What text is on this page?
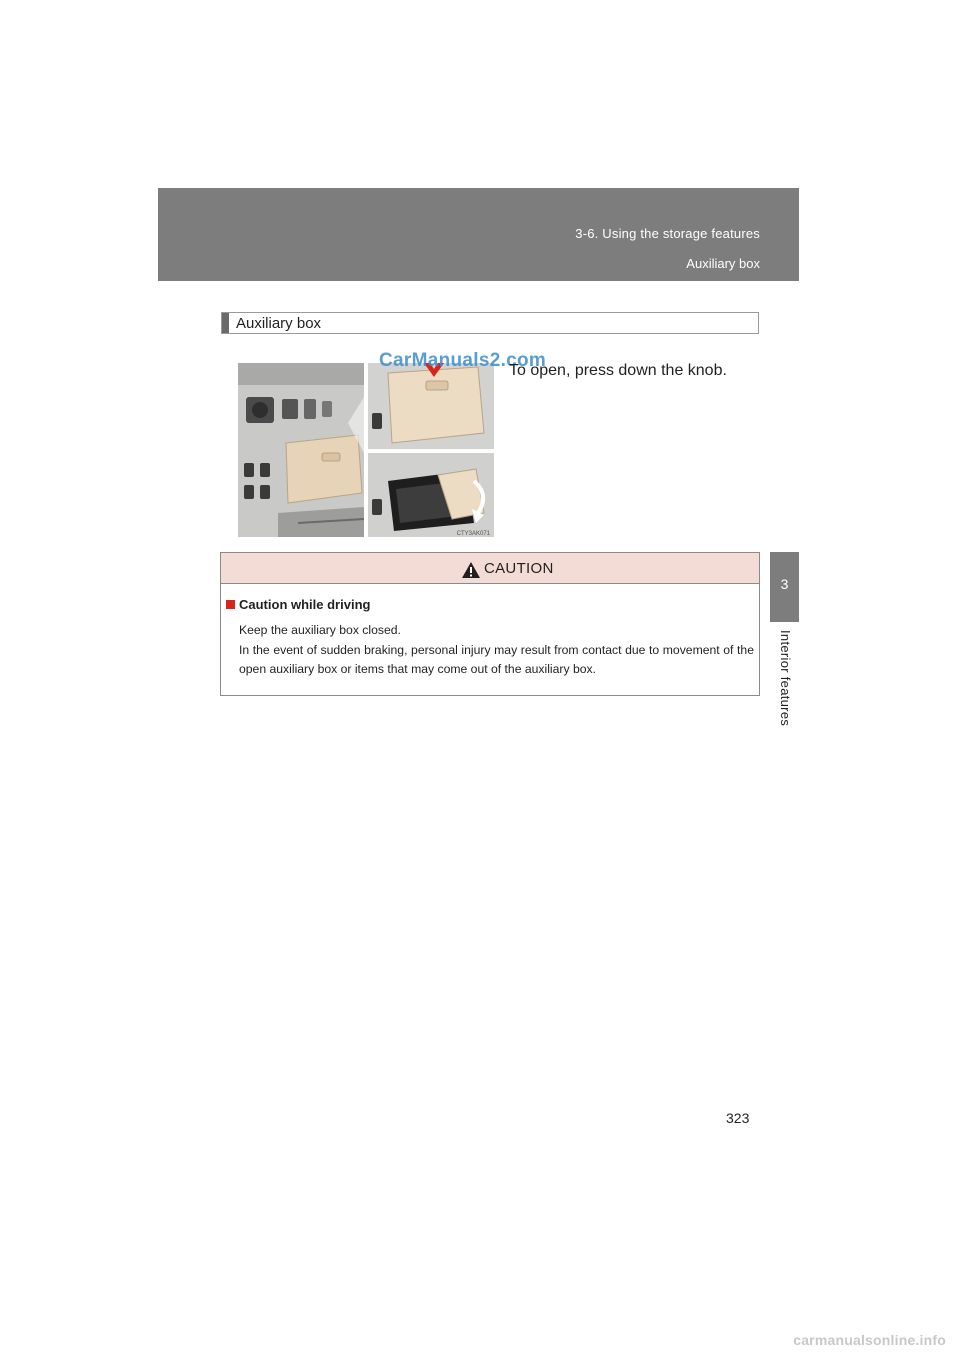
3-6. Using the storage features
Auxiliary box
3
Interior features
Auxiliary box
CTY3AK071
CarManuals2.com
To open, press down the knob.
CAUTION
Caution while driving

Keep the auxiliary box closed.

In the event of sudden braking, personal injury may result from contact due to movement of the open auxiliary box or items that may come out of the auxiliary box.

323
carmanualsonline.info
